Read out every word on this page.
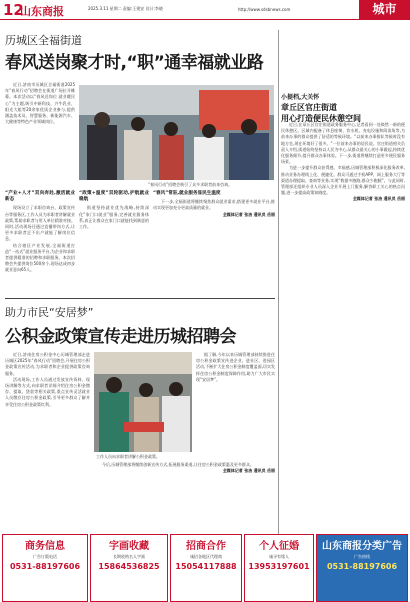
12
山东商报	2025.3.11 星期二 责编:王建安 设计:李晓	http://www.sdsbnews.com	城市
历城区全福街道
春风送岗聚才时,“职”通幸福就业路

近日,济南市历城区全福街道2025年“春风行动”招聘会在街道广场拉开帷幕。本次活动以“春风送岗位 就业暖民心”为主题,吸引中新科技、兴牛乳业、阳光大姐等20余家优质企业参与,提供涵盖技术员、智慧服务、新能源汽车、大健康等特色产业领域岗位。

“春风行动”招聘会吸引了众多求职者前来咨询。

“产业+人才”双向奔赴,激活就业新态

现场设立了求职咨询台、政策宣传台等服务区,工作人员为求职者讲解就业政策,帮助求职者与用人单位精准对接。同时,活动现场还通过直播带岗方式,让更多求职者足不出户就能了解岗位信息。

结合辖区产业发展,全福街道打造“一站式”就业服务平台,为企业和求职者提供精准的招聘和求职服务。本次招聘会共提供岗位500余个,现场达成初步就业意向65人。

“政策+温度”双轮驱动,护航就业稳航

街道坚持就业优先战略,持续深化“家门口就业”服务,完善就业服务体系,真正让群众在家门口就能找到满意的工作。

“春风”常驻,就业服务显民生温度

下一步,全福街道将继续聚焦群众就业需求,搭建更多就业平台,推动实现更加充分更高质量的就业。

全媒体记者 张洁 通讯员 岳丽

小提档,大关怀
章丘区官庄街道
用心打造便民休憩空间

近日,在章丘区官庄街道政务服务中心,记者看到一处焕然一新的便民休憩区。区域内配备了休息座椅、饮水机、充电设施和阅读角等,为前来办事的群众提供了舒适的等候环境。“以前来办事排队等候时没有地方坐,现在环境好了很多。”一位前来办事的居民说。官庄街道相关负责人介绍,街道始终坚持以人民为中心,从群众最关心的小事做起,持续优化服务细节,提升群众办事体验。下一步,街道将继续打造更多便民服务场景。

为进一步提升群众获得感、幸福感,历城管理部积极深化服务改革,推动业务办理线上化、便捷化。群众可通过手机APP、网上服务大厅等渠道办理提取、查询等业务,实现“数据多跑路,群众少跑腿”。与此同时,管理部还组织专业人员深入企业开展上门服务,解答职工关心的热点问题,进一步提高政策知晓度。

全媒体记者 张洁 通讯员 岳丽

助力市民“安居梦”
公积金政策宣传走进历城招聘会

近日,济南住房公积金中心历城管理部走进历城区2025年“春风行动”招聘会,开展住房公积金政策宣传活动,为求职者和企业提供政策咨询服务。

活动现场,工作人员通过发放宣传资料、现场讲解等方式,向求职者详细介绍住房公积金缴存、提取、贷款等相关政策,重点宣传灵活就业人员缴存住房公积金政策,引导更多群众了解并享受住房公积金政策红利。

工作人员向求职者讲解公积金政策。

据了解,今年以来历城管理部持续推进住房公积金政策宣传进企业、进社区、进园区活动,不断扩大住房公积金制度覆盖面,切实发挥住房公积金制度保障作用,助力广大市民实现“安居梦”。

今后,历城管理部将继续创新宣传方式,拓展服务渠道,让住房公积金政策惠及更多群众。

全媒体记者 张洁 通讯员 岳丽

商务信息
广告订版电话
0531-88197606
字画收藏
长期收购名人字画
15864536825
招商合作
诚招各地区代理商
15054117888
个人征婚
诚寻有缘人
13953197601
山东商报分类广告
广告热线
0531-88197606
